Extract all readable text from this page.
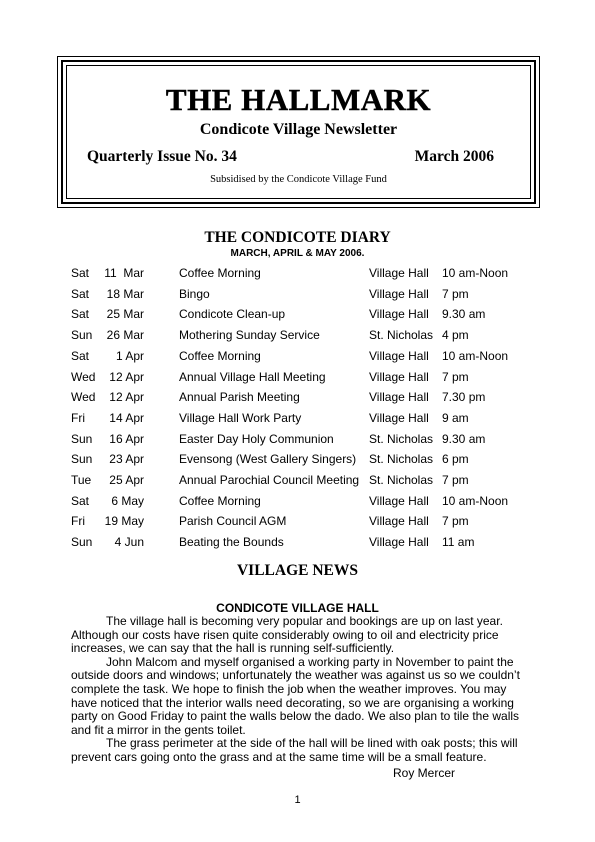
THE HALLMARK
Condicote Village Newsletter
Quarterly Issue No. 34	March 2006
Subsidised by the Condicote Village Fund
THE CONDICOTE DIARY
MARCH, APRIL & MAY 2006.
Sat 11  Mar	Coffee Morning	Village Hall 10 am-Noon
Sat 18 Mar	Bingo	Village Hall 7 pm
Sat 25 Mar	Condicote Clean-up	Village Hall 9.30 am
Sun 26 Mar	Mothering Sunday Service	St. Nicholas 4 pm
Sat 1 Apr	Coffee Morning	Village Hall 10 am-Noon
Wed 12 Apr	Annual Village Hall Meeting	Village Hall 7 pm
Wed 12 Apr	Annual Parish Meeting	Village Hall 7.30 pm
Fri 14 Apr	Village Hall Work Party	Village Hall 9 am
Sun 16 Apr	Easter Day Holy Communion	St. Nicholas 9.30 am
Sun 23 Apr	Evensong (West Gallery Singers) St. Nicholas 6 pm
Tue 25 Apr	Annual Parochial Council Meeting St. Nicholas 7 pm
Sat 6 May	Coffee Morning	Village Hall 10 am-Noon
Fri 19 May	Parish Council AGM	Village Hall 7 pm
Sun 4 Jun	Beating the Bounds	Village Hall 11 am
VILLAGE NEWS
CONDICOTE VILLAGE HALL

The village hall is becoming very popular and bookings are up on last year. Although our costs have risen quite considerably owing to oil and electricity price increases, we can say that the hall is running self-sufficiently.

John Malcom and myself organised a working party in November to paint the outside doors and windows; unfortunately the weather was against us so we couldn’t complete the task. We hope to finish the job when the weather improves. You may have noticed that the interior walls need decorating, so we are organising a working party on Good Friday to paint the walls below the dado. We also plan to tile the walls and fit a mirror in the gents toilet.

The grass perimeter at the side of the hall will be lined with oak posts; this will prevent cars going onto the grass and at the same time will be a small feature.

Roy Mercer
1
